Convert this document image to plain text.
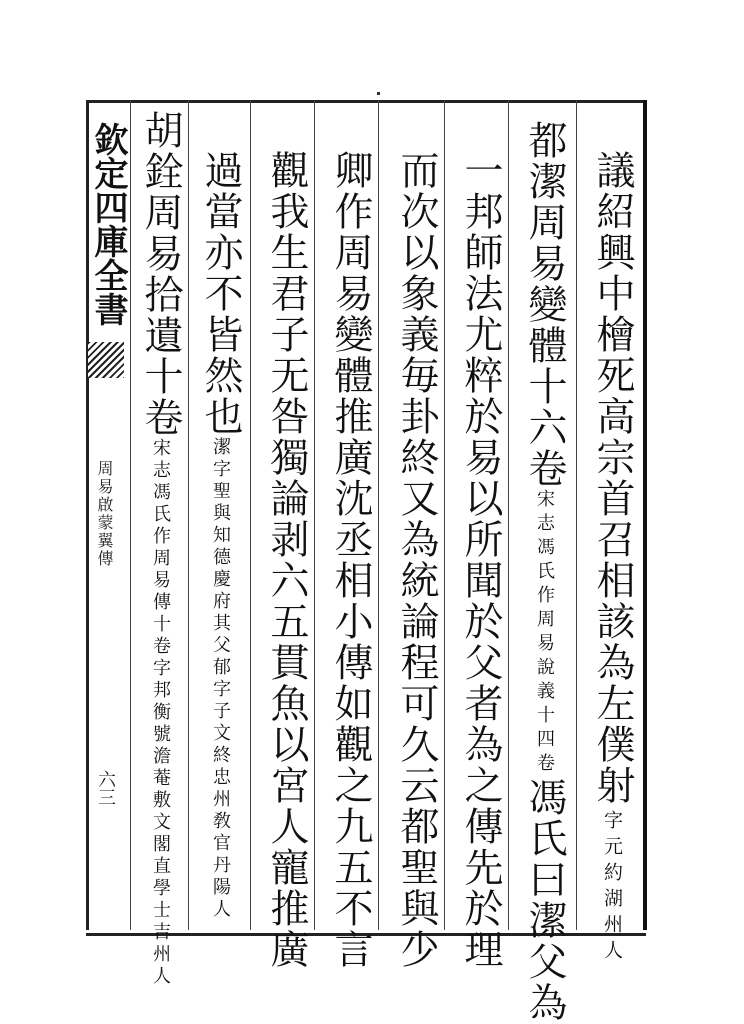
欽定四庫全書
周易啟蒙翼傳
六三	議紹興中檜死高宗首召相該為左僕射字元約湖州人
都潔周易變體十六卷宋志馮氏作周易說義十四卷馮氏曰潔父為
一邦師法尤粹於易以所聞於父者為之傳先於理
而次以象義毎卦終又為統論程可久云都聖與少
卿作周易變體推廣沈丞相小傳如觀之九五不言
觀我生君子无咎獨論剥六五貫魚以宮人寵推廣
過當亦不皆然也潔字聖與知德慶府其父郁字子文終忠州敎官丹陽人
胡銓周易拾遺十卷宋志馮氏作周易傳十卷字邦衡號澹菴敷文閣直學士吉州人
